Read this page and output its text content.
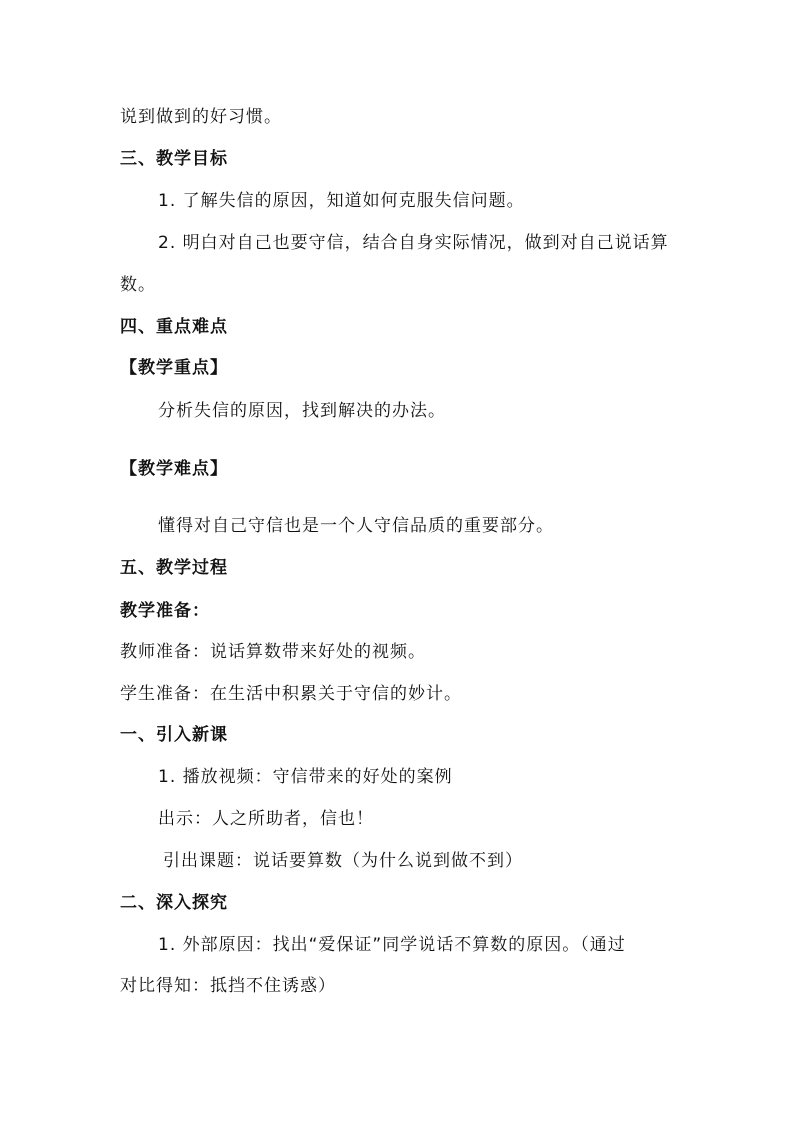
说到做到的好习惯。
三、教学目标
1. 了解失信的原因，知道如何克服失信问题。
2. 明白对自己也要守信，结合自身实际情况，做到对自己说话算
数。
四、重点难点
【教学重点】
分析失信的原因，找到解决的办法。
【教学难点】
懂得对自己守信也是一个人守信品质的重要部分。
五、教学过程
教学准备：
教师准备：说话算数带来好处的视频。
学生准备：在生活中积累关于守信的妙计。
一、引入新课
1. 播放视频：守信带来的好处的案例
出示：人之所助者，信也！
引出课题：说话要算数（为什么说到做不到）
二、深入探究
1. 外部原因：找出“爱保证”同学说话不算数的原因。（通过
对比得知：抵挡不住诱惑）
